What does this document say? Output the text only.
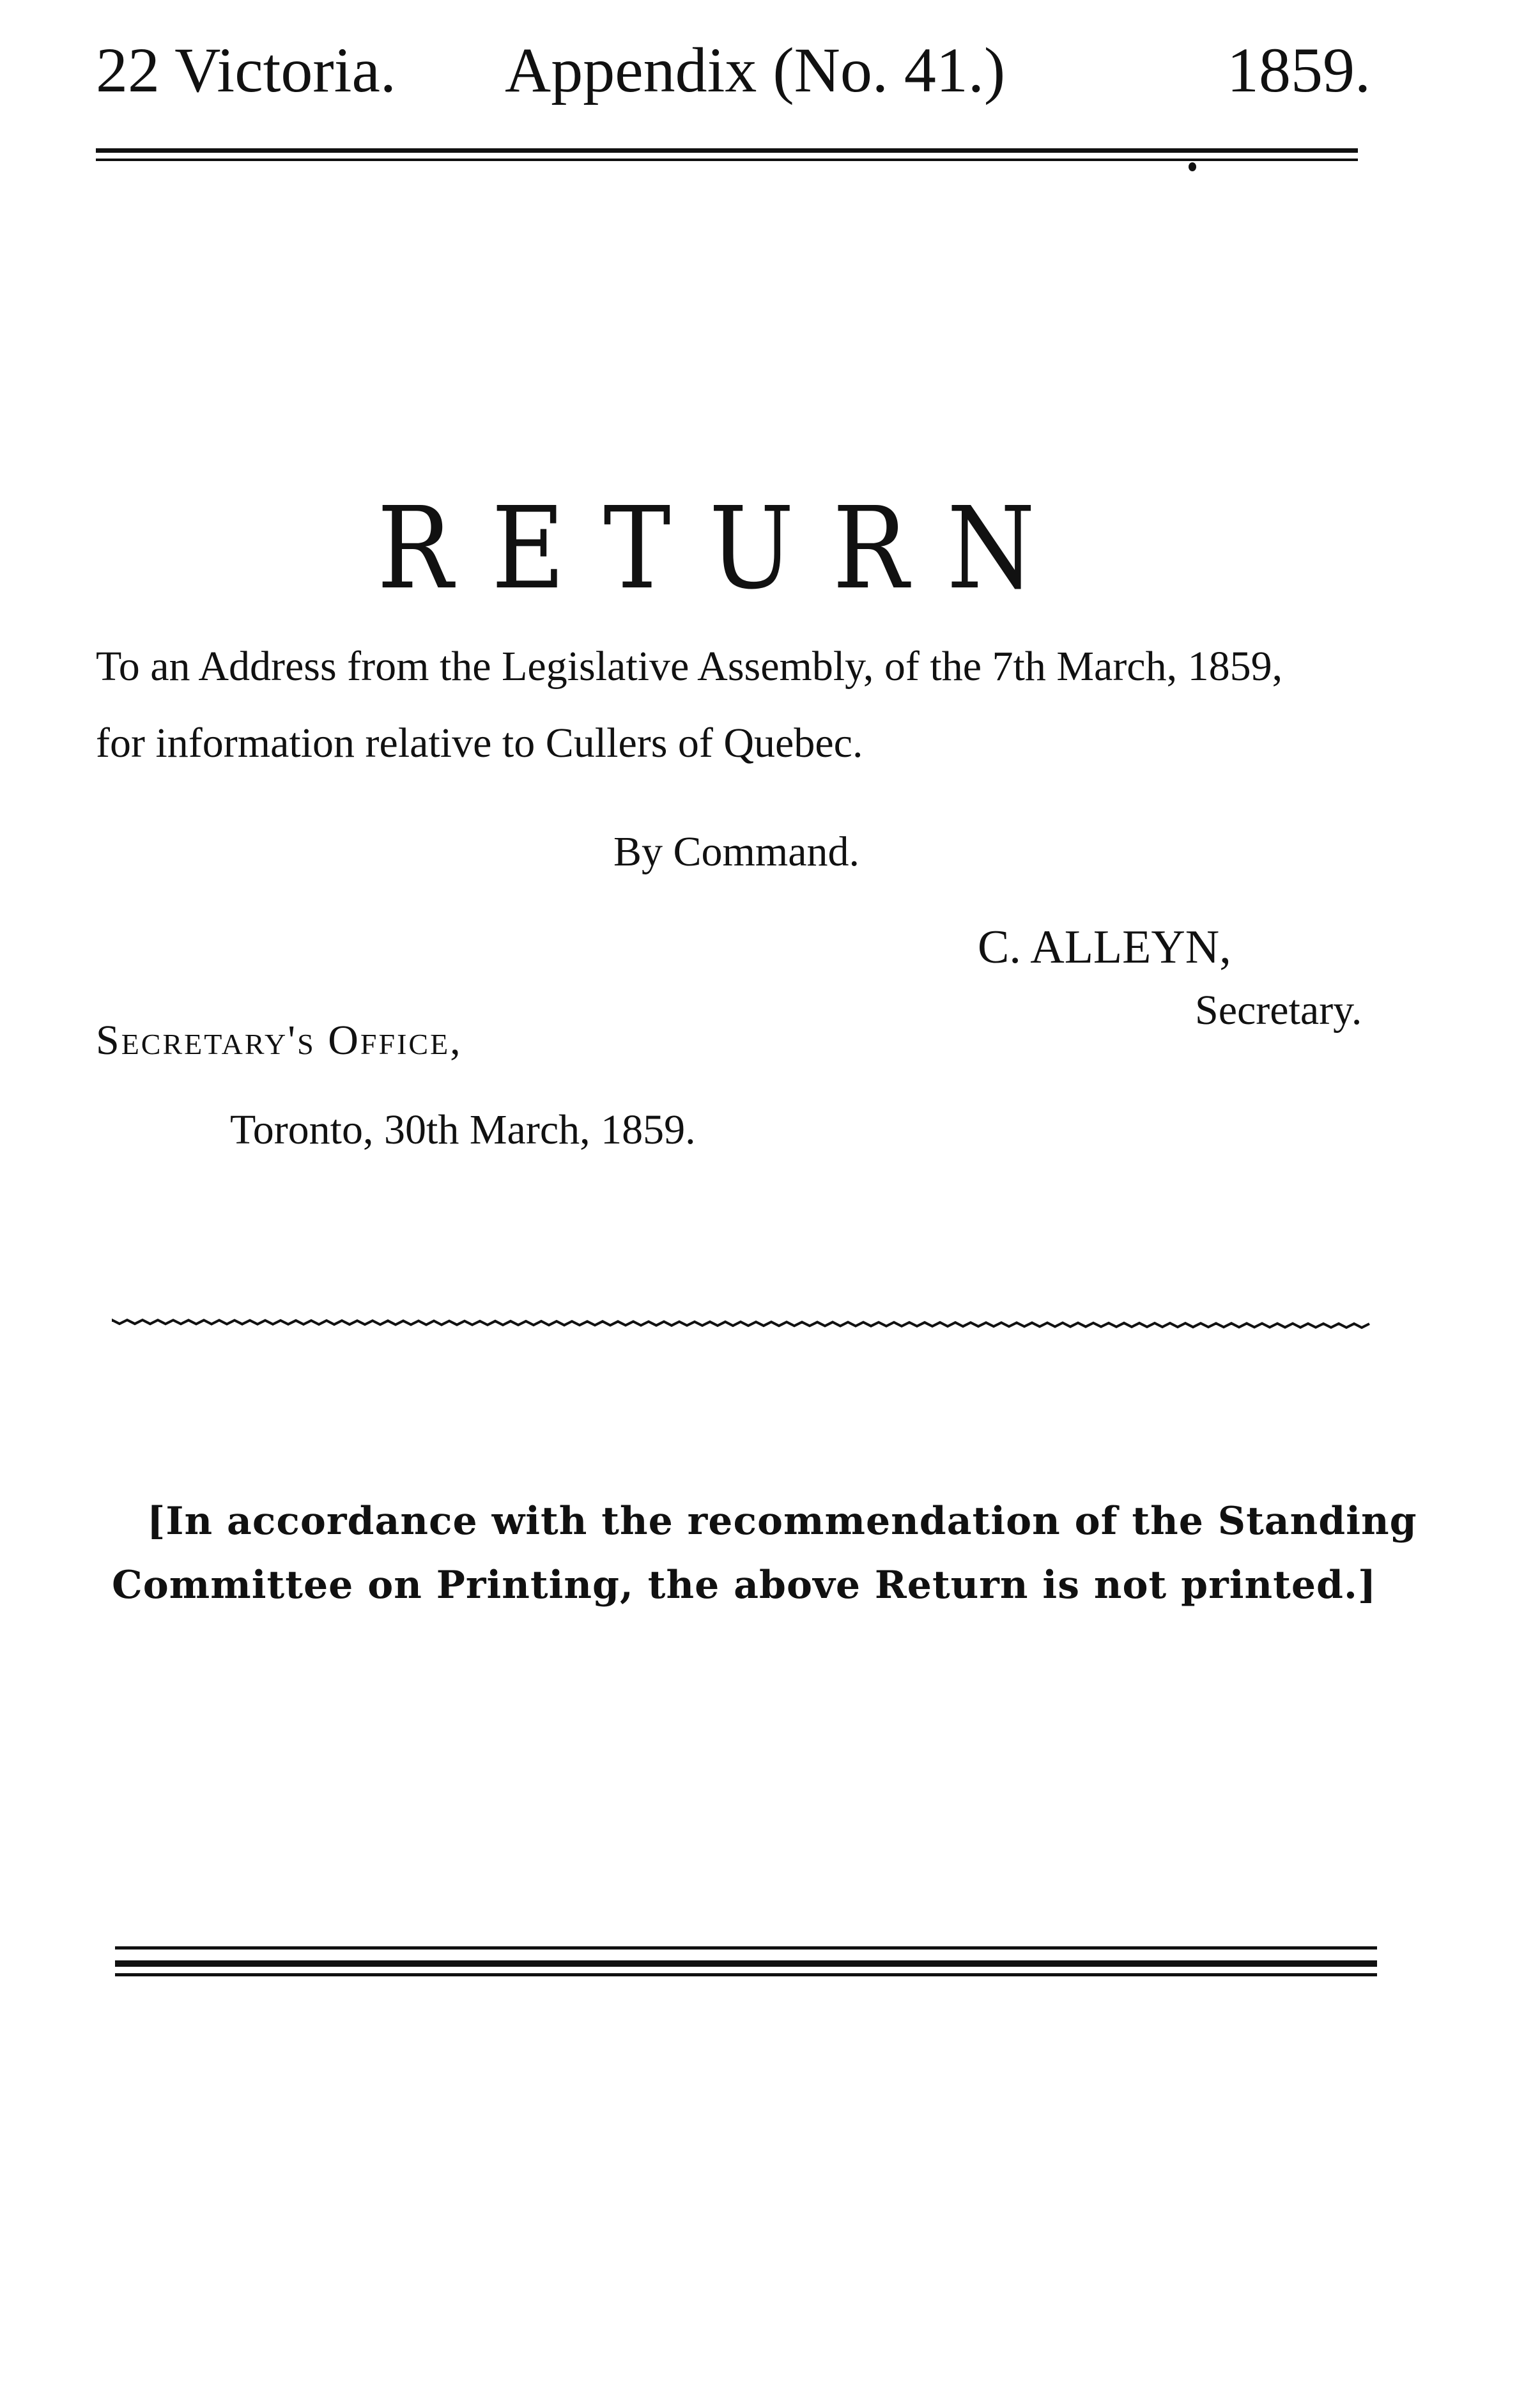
22 Victoria. Appendix (No. 41.)	1859.
RETURN
To an Address from the Legislative Assembly, of the 7th March, 1859,
for information relative to Cullers of Quebec.
By Command.
C. ALLEYN,
Secretary.
Secretary's Office,
Toronto, 30th March, 1859.
[In accordance with the recommendation of the Standing
Committee on Printing, the above Return is not printed.]
